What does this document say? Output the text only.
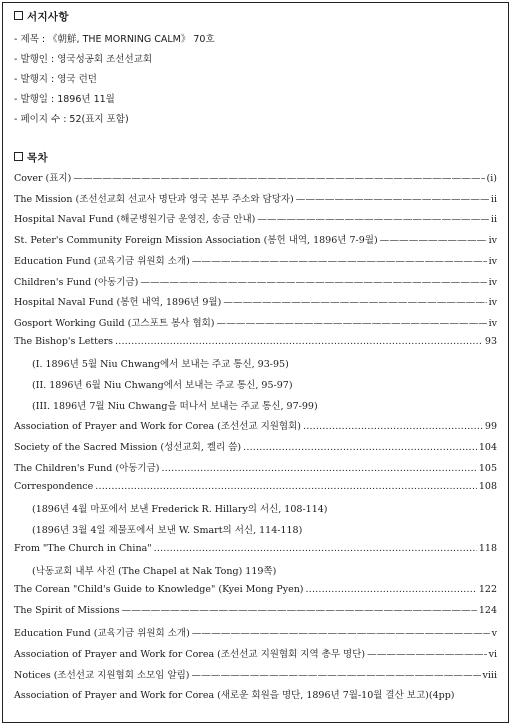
서지사항
- 제목 : 《朝鮮, THE MORNING CALM》 70호
- 발행인 : 영국성공회 조선선교회
- 발행지 : 영국 런던
- 발행일 : 1896년 11월
- 페이지 수 : 52(표지 포함)
목차
Cover (표지) —————	(i)
The Mission (조선선교회 선교사 명단과 영국 본부 주소와 담당자) —————	ii
Hospital Naval Fund (해군병원기금 운영진, 송금 안내) —————	ii
St. Peter's Community Foreign Mission Association (봉헌 내역, 1896년 7-9월) —————	iv
Education Fund (교육기금 위원회 소개) —————	iv
Children's Fund (아동기금) —————	iv
Hospital Naval Fund (봉헌 내역, 1896년 9월) —————	iv
Gosport Working Guild (고스포트 봉사 협회) —————	iv
The Bishop's Letters .....	93
(I. 1896년 5월 Niu Chwang에서 보내는 주교 통신, 93-95)
(II. 1896년 6월 Niu Chwang에서 보내는 주교 통신, 95-97)
(III. 1896년 7월 Niu Chwang을 떠나서 보내는 주교 통신, 97-99)
Association of Prayer and Work for Corea (조선선교 지원협회) .....	99
Society of the Sacred Mission (성선교회, 켈리 씀) .....	104
The Children's Fund (아동기금) .....	105
Correspondence .....	108
(1896년 4월 마포에서 보낸 Frederick R. Hillary의 서신, 108-114)
(1896년 3월 4일 제물포에서 보낸 W. Smart의 서신, 114-118)
From "The Church in China" .....	118
(낙동교회 내부 사진 (The Chapel at Nak Tong) 119쪽)
The Corean "Child's Guide to Knowledge" (Kyei Mong Pyen) .....	122
The Spirit of Missions —————	124
Education Fund (교육기금 위원회 소개) —————	v
Association of Prayer and Work for Corea (조선선교 지원협회 지역 총무 명단) —————	vi
Notices (조선선교 지원협회 소모임 알림) —————	viii
Association of Prayer and Work for Corea (새로운 회원을 명단, 1896년 7월-10월 결산 보고)(4pp)
